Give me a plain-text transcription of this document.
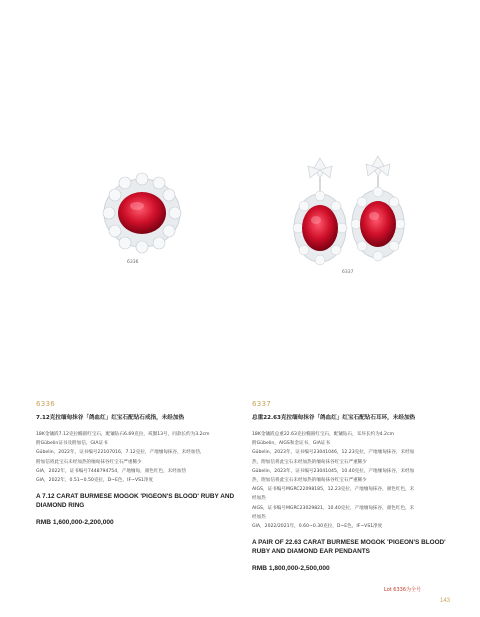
6336
6337
6336
7.12克拉缅甸抹谷「鸽血红」红宝石配钻石戒指，未经加热
18K金镶嵌7.12克拉椭圆红宝石，配镶钻石6.69克拉，戒圈13号，同款长约为3.2cm
附Gübelin证书及附加信，GIA证书
Gübelin，2022年，证书编号22107016，7.12克拉，产地缅甸抹谷，未经加热，
附加信将此宝石未经加热的缅甸抹谷红宝石严重稀少
GIA，2022年，证书编号7448794754，产地缅甸，颜色红色，未经加热
GIA，2022年，0.51~0.50克拉，D~E色，IF~VS1净度
A 7.12 CARAT BURMESE MOGOK 'PIGEON'S BLOOD' RUBY AND DIAMOND RING
RMB 1,600,000-2,200,000
6337
总重22.63克拉缅甸抹谷「鸽血红」红宝石配钻石耳环，未经加热
18K金镶嵌总重22.63克拉椭圆红宝石，配镶钻石，耳环长约为4.2cm
附Gübelin，AIGS和金证书，GIA证书
Gübelin，2023年，证书编号23041046，12.23克拉，产地缅甸抹谷，未经加
热，附加信将此宝石未经加热的缅甸抹谷红宝石严重稀少
Gübelin，2023年，证书编号23041045，10.40克拉，产地缅甸抹谷，未经加
热，附加信将此宝石未经加热的缅甸抹谷红宝石严重稀少
AIGS，证书编号MGRC22098185，12.23克拉，产地缅甸抹谷，颜色红色，未
经加热
AIGS，证书编号MGRC23029821，10.40克拉，产地缅甸抹谷，颜色红色，未
经加热
GIA，2022/2021年，0.60~0.30克拉，D~E色，IF~VS1净度
A PAIR OF 22.63 CARAT BURMESE MOGOK 'PIGEON'S BLOOD' RUBY AND DIAMOND EAR PENDANTS
RMB 1,800,000-2,500,000
Lot 6336为全号
143
